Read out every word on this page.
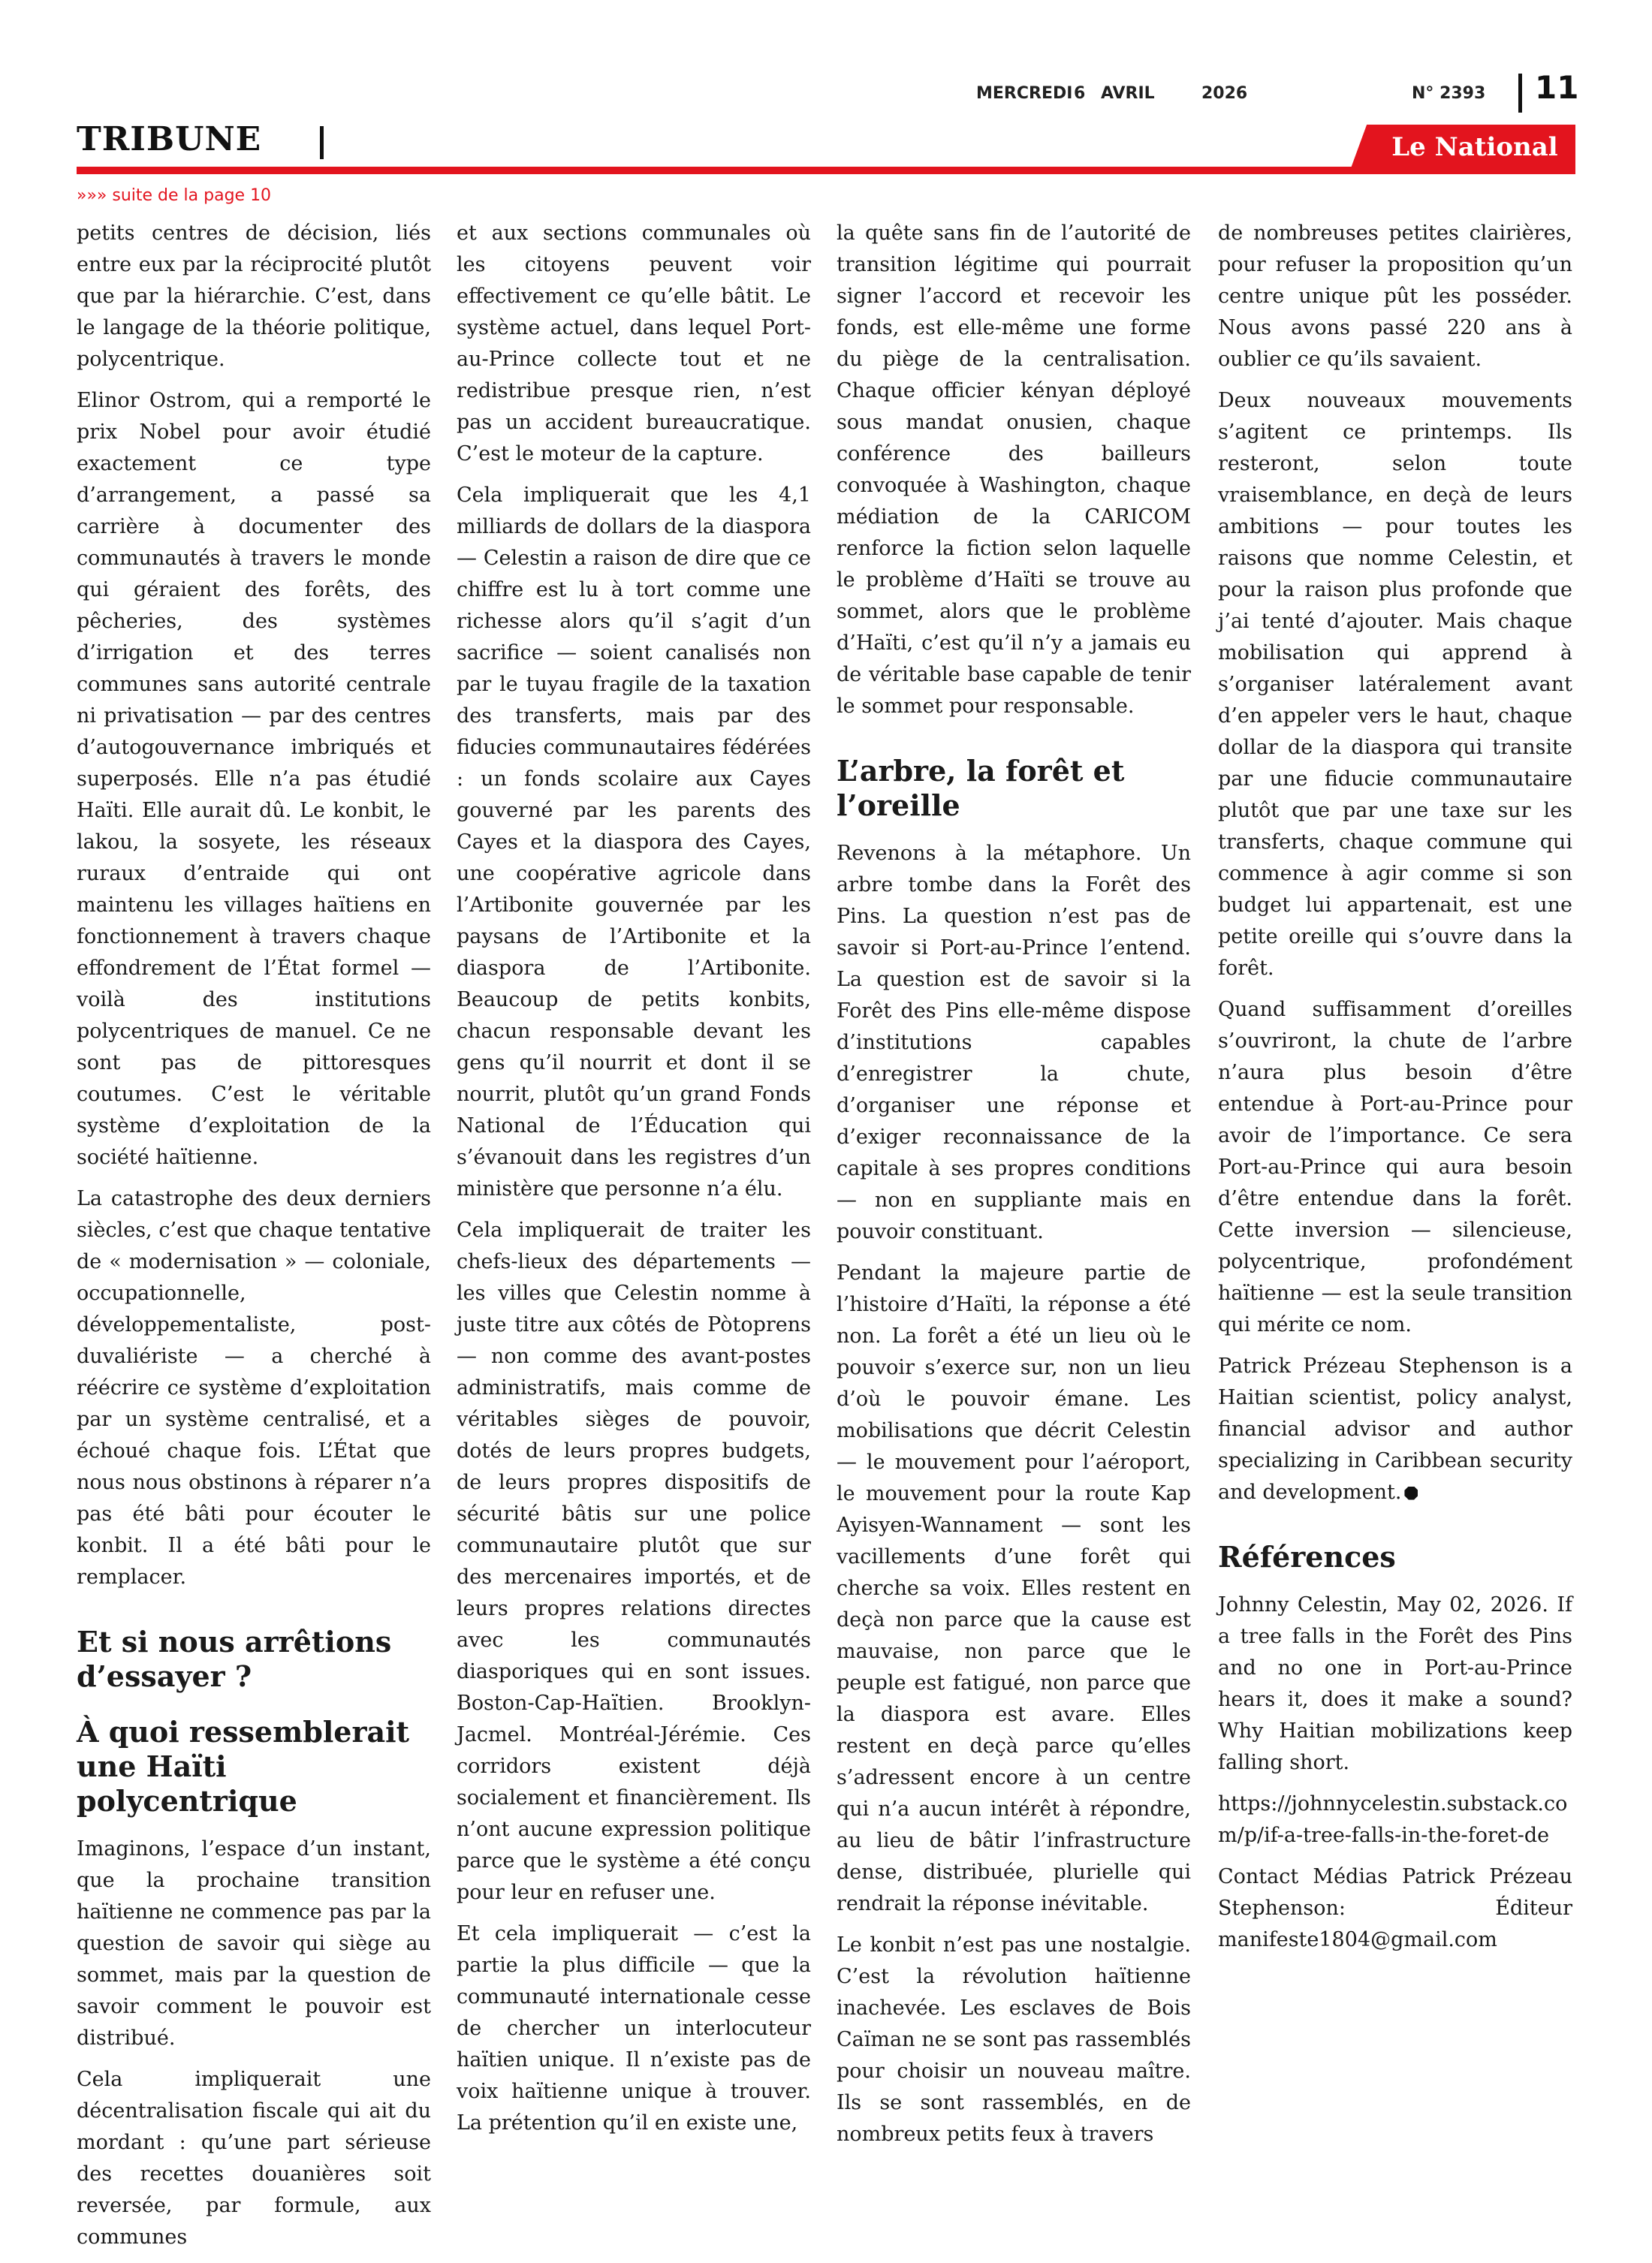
MERCREDI 6 AVRIL	2026	N° 2393 11
TRIBUNE	Le National
»»» suite de la page 10

petits centres de décision, liés entre eux par la réciprocité plutôt que par la hiérarchie. C’est, dans le langage de la théorie politique, polycentrique.

Elinor Ostrom, qui a remporté le prix Nobel pour avoir étudié exactement ce type d’arrangement, a passé sa carrière à documenter des communautés à travers le monde qui géraient des forêts, des pêcheries, des systèmes d’irrigation et des terres communes sans autorité centrale ni privatisation — par des centres d’autogouvernance imbriqués et superposés. Elle n’a pas étudié Haïti. Elle aurait dû. Le konbit, le lakou, la sosyete, les réseaux ruraux d’entraide qui ont maintenu les villages haïtiens en fonctionnement à travers chaque effondrement de l’État formel — voilà des institutions polycentriques de manuel. Ce ne sont pas de pittoresques coutumes. C’est le véritable système d’exploitation de la société haïtienne.

La catastrophe des deux derniers siècles, c’est que chaque tentative de « modernisation » — coloniale, occupationnelle, développementaliste, post-duvaliériste — a cherché à réécrire ce système d’exploitation par un système centralisé, et a échoué chaque fois. L’État que nous nous obstinons à réparer n’a pas été bâti pour écouter le konbit. Il a été bâti pour le remplacer.

Et si nous arrêtions d’essayer ?
À quoi ressemblerait une Haïti polycentrique

Imaginons, l’espace d’un instant, que la prochaine transition haïtienne ne commence pas par la question de savoir qui siège au sommet, mais par la question de savoir comment le pouvoir est distribué.

Cela impliquerait une décentralisation fiscale qui ait du mordant : qu’une part sérieuse des recettes douanières soit reversée, par formule, aux communes

et aux sections communales où les citoyens peuvent voir effectivement ce qu’elle bâtit. Le système actuel, dans lequel Port-au-Prince collecte tout et ne redistribue presque rien, n’est pas un accident bureaucratique. C’est le moteur de la capture.

Cela impliquerait que les 4,1 milliards de dollars de la diaspora — Celestin a raison de dire que ce chiffre est lu à tort comme une richesse alors qu’il s’agit d’un sacrifice — soient canalisés non par le tuyau fragile de la taxation des transferts, mais par des fiducies communautaires fédérées : un fonds scolaire aux Cayes gouverné par les parents des Cayes et la diaspora des Cayes, une coopérative agricole dans l’Artibonite gouvernée par les paysans de l’Artibonite et la diaspora de l’Artibonite. Beaucoup de petits konbits, chacun responsable devant les gens qu’il nourrit et dont il se nourrit, plutôt qu’un grand Fonds National de l’Éducation qui s’évanouit dans les registres d’un ministère que personne n’a élu.

Cela impliquerait de traiter les chefs-lieux des départements — les villes que Celestin nomme à juste titre aux côtés de Pòtoprens — non comme des avant-postes administratifs, mais comme de véritables sièges de pouvoir, dotés de leurs propres budgets, de leurs propres dispositifs de sécurité bâtis sur une police communautaire plutôt que sur des mercenaires importés, et de leurs propres relations directes avec les communautés diasporiques qui en sont issues. Boston-Cap-Haïtien. Brooklyn-Jacmel. Montréal-Jérémie. Ces corridors existent déjà socialement et financièrement. Ils n’ont aucune expression politique parce que le système a été conçu pour leur en refuser une.

Et cela impliquerait — c’est la partie la plus difficile — que la communauté internationale cesse de chercher un interlocuteur haïtien unique. Il n’existe pas de voix haïtienne unique à trouver. La prétention qu’il en existe une,

la quête sans fin de l’autorité de transition légitime qui pourrait signer l’accord et recevoir les fonds, est elle-même une forme du piège de la centralisation. Chaque officier kényan déployé sous mandat onusien, chaque conférence des bailleurs convoquée à Washington, chaque médiation de la CARICOM renforce la fiction selon laquelle le problème d’Haïti se trouve au sommet, alors que le problème d’Haïti, c’est qu’il n’y a jamais eu de véritable base capable de tenir le sommet pour responsable.

L’arbre, la forêt et l’oreille

Revenons à la métaphore. Un arbre tombe dans la Forêt des Pins. La question n’est pas de savoir si Port-au-Prince l’entend. La question est de savoir si la Forêt des Pins elle-même dispose d’institutions capables d’enregistrer la chute, d’organiser une réponse et d’exiger reconnaissance de la capitale à ses propres conditions — non en suppliante mais en pouvoir constituant.

Pendant la majeure partie de l’histoire d’Haïti, la réponse a été non. La forêt a été un lieu où le pouvoir s’exerce sur, non un lieu d’où le pouvoir émane. Les mobilisations que décrit Celestin — le mouvement pour l’aéroport, le mouvement pour la route Kap Ayisyen-Wannament — sont les vacillements d’une forêt qui cherche sa voix. Elles restent en deçà non parce que la cause est mauvaise, non parce que le peuple est fatigué, non parce que la diaspora est avare. Elles restent en deçà parce qu’elles s’adressent encore à un centre qui n’a aucun intérêt à répondre, au lieu de bâtir l’infrastructure dense, distribuée, plurielle qui rendrait la réponse inévitable.

Le konbit n’est pas une nostalgie. C’est la révolution haïtienne inachevée. Les esclaves de Bois Caïman ne se sont pas rassemblés pour choisir un nouveau maître. Ils se sont rassemblés, en de nombreux petits feux à travers

de nombreuses petites clairières, pour refuser la proposition qu’un centre unique pût les posséder. Nous avons passé 220 ans à oublier ce qu’ils savaient.

Deux nouveaux mouvements s’agitent ce printemps. Ils resteront, selon toute vraisemblance, en deçà de leurs ambitions — pour toutes les raisons que nomme Celestin, et pour la raison plus profonde que j’ai tenté d’ajouter. Mais chaque mobilisation qui apprend à s’organiser latéralement avant d’en appeler vers le haut, chaque dollar de la diaspora qui transite par une fiducie communautaire plutôt que par une taxe sur les transferts, chaque commune qui commence à agir comme si son budget lui appartenait, est une petite oreille qui s’ouvre dans la forêt.

Quand suffisamment d’oreilles s’ouvriront, la chute de l’arbre n’aura plus besoin d’être entendue à Port-au-Prince pour avoir de l’importance. Ce sera Port-au-Prince qui aura besoin d’être entendue dans la forêt. Cette inversion — silencieuse, polycentrique, profondément haïtienne — est la seule transition qui mérite ce nom.

Patrick Prézeau Stephenson is a Haitian scientist, policy analyst, financial advisor and author specializing in Caribbean security and development.

Références

Johnny Celestin, May 02, 2026. If a tree falls in the Forêt des Pins and no one in Port-au-Prince hears it, does it make a sound? Why Haitian mobilizations keep falling short.

https://johnnycelestin.substack.com/p/if-a-tree-falls-in-the-foret-de

Contact Médias Patrick Prézeau Stephenson: Éditeur manifeste1804@gmail.com
